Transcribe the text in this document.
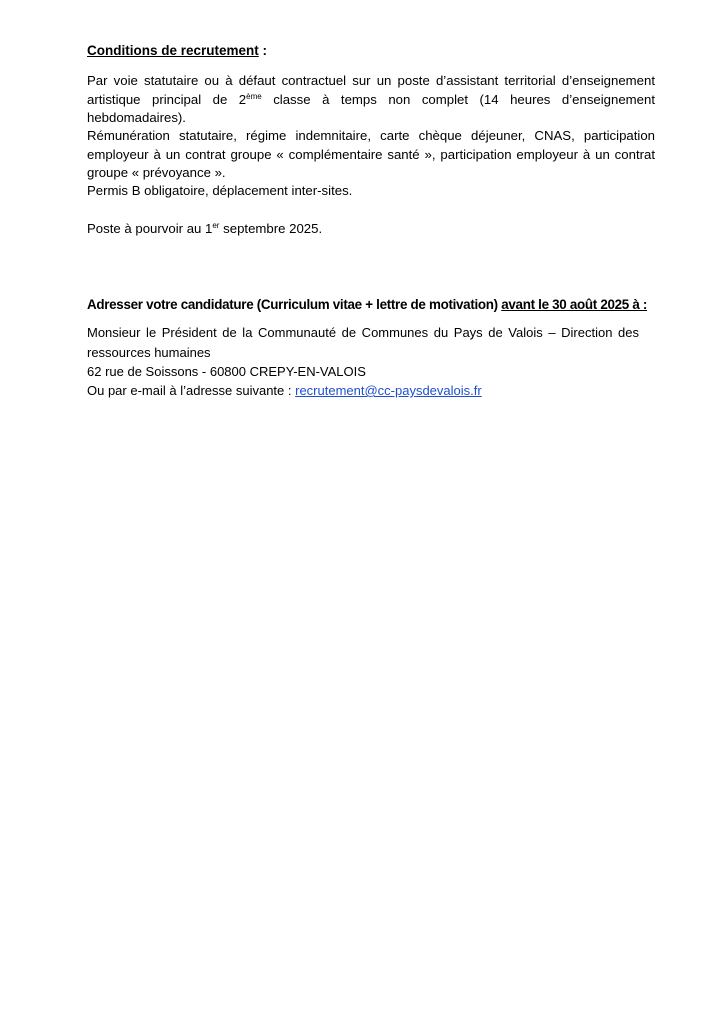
Conditions de recrutement :
Par voie statutaire ou à défaut contractuel sur un poste d’assistant territorial d’enseignement artistique principal de 2ème classe à temps non complet (14 heures d’enseignement hebdomadaires).
Rémunération statutaire, régime indemnitaire, carte chèque déjeuner, CNAS, participation employeur à un contrat groupe « complémentaire santé », participation employeur à un contrat groupe « prévoyance ».
Permis B obligatoire, déplacement inter-sites.
Poste à pourvoir au 1er septembre 2025.
Adresser votre candidature (Curriculum vitae + lettre de motivation) avant le 30 août 2025 à :
Monsieur le Président de la Communauté de Communes du Pays de Valois – Direction des ressources humaines
62 rue de Soissons - 60800 CREPY-EN-VALOIS
Ou par e-mail à l’adresse suivante : recrutement@cc-paysdevalois.fr
